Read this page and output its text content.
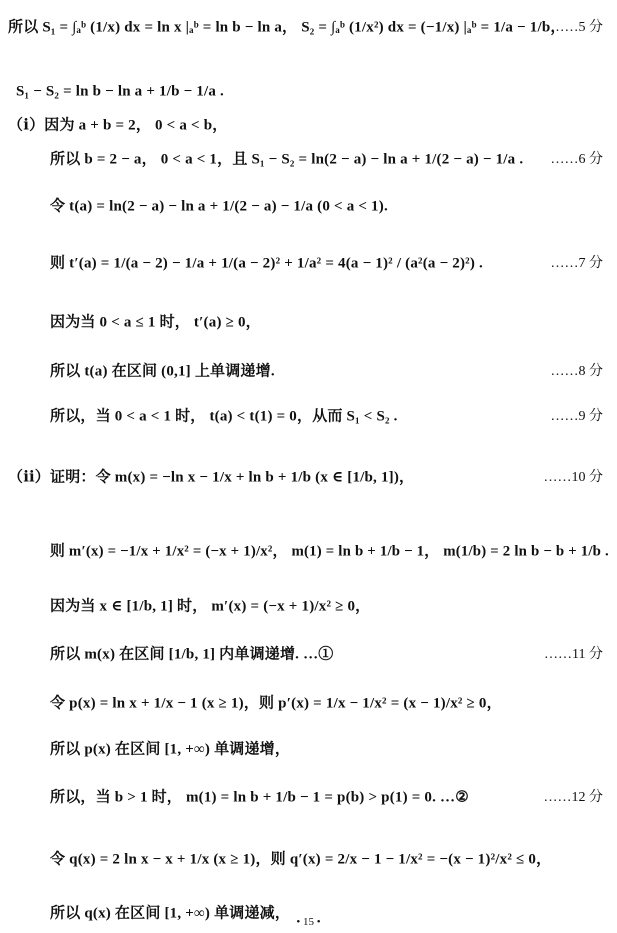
所以 S₁ = ∫ₐᵇ (1/x) dx = ln x |ₐᵇ = ln b − ln a， S₂ = ∫ₐᵇ (1/x²) dx = (−1/x) |ₐᵇ = 1/a − 1/b，
……5 分
S₁ − S₂ = ln b − ln a + 1/b − 1/a .
（ⅰ）因为 a + b = 2， 0 < a < b，
所以 b = 2 − a， 0 < a < 1，且 S₁ − S₂ = ln(2 − a) − ln a + 1/(2 − a) − 1/a . ……6 分
令 t(a) = ln(2 − a) − ln a + 1/(2 − a) − 1/a (0 < a < 1).
则 t′(a) = 1/(a − 2) − 1/a + 1/(a − 2)² + 1/a² = 4(a − 1)² / (a²(a − 2)²) .	……7 分
因为当 0 < a ≤ 1 时， t′(a) ≥ 0，
所以 t(a) 在区间 (0,1] 上单调递增.	……8 分
所以，当 0 < a < 1 时， t(a) < t(1) = 0，从而 S₁ < S₂ .	……9 分
（ⅱ）证明：令 m(x) = −ln x − 1/x + ln b + 1/b (x ∈ [1/b, 1])，	……10 分
则 m′(x) = −1/x + 1/x² = (−x + 1)/x²， m(1) = ln b + 1/b − 1， m(1/b) = 2 ln b − b + 1/b .
因为当 x ∈ [1/b, 1] 时， m′(x) = (−x + 1)/x² ≥ 0，
所以 m(x) 在区间 [1/b, 1] 内单调递增. …①	……11 分
令 p(x) = ln x + 1/x − 1 (x ≥ 1)，则 p′(x) = 1/x − 1/x² = (x − 1)/x² ≥ 0，
所以 p(x) 在区间 [1, +∞) 单调递增，
所以，当 b > 1 时， m(1) = ln b + 1/b − 1 = p(b) > p(1) = 0. …②	……12 分
令 q(x) = 2 ln x − x + 1/x (x ≥ 1)，则 q′(x) = 2/x − 1 − 1/x² = −(x − 1)²/x² ≤ 0，
所以 q(x) 在区间 [1, +∞) 单调递减，
• 15 •
